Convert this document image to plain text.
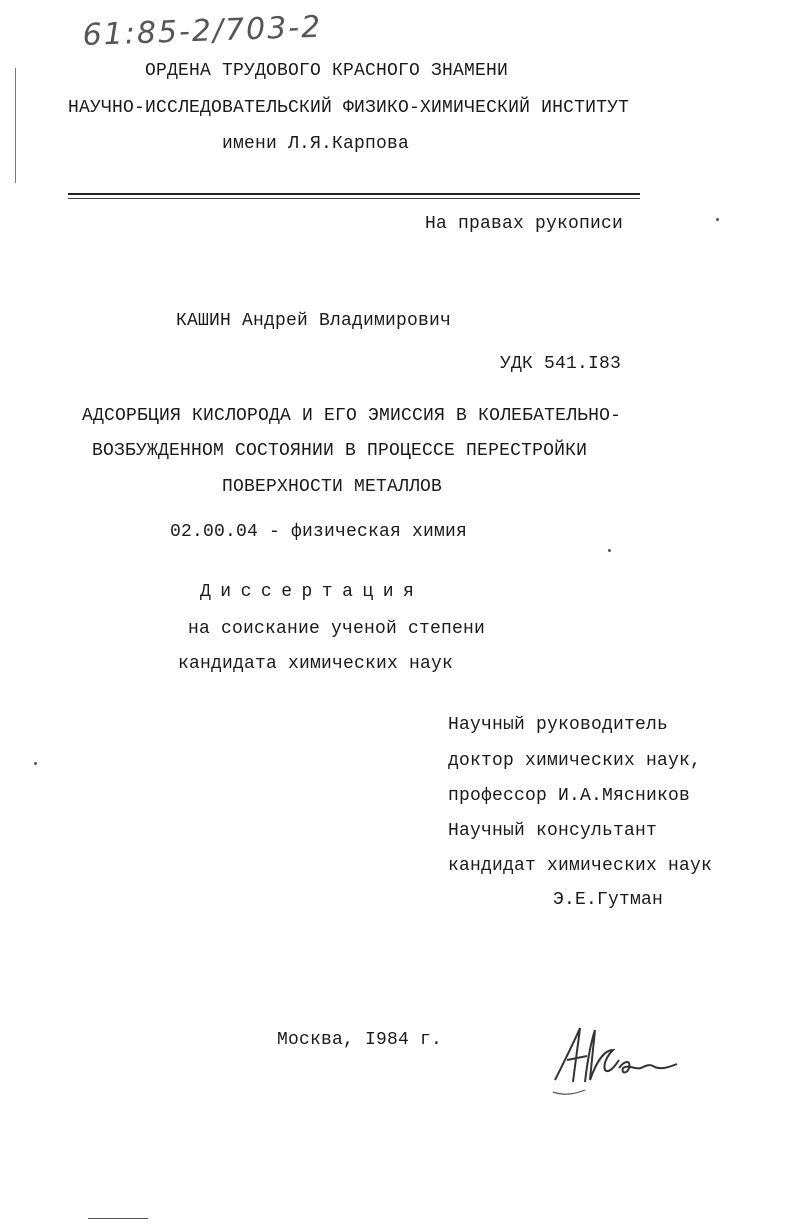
61:85-2/703-2
ОРДЕНА ТРУДОВОГО КРАСНОГО ЗНАМЕНИ
НАУЧНО-ИССЛЕДОВАТЕЛЬСКИЙ ФИЗИКО-ХИМИЧЕСКИЙ ИНСТИТУТ
имени Л.Я.Карпова
На правах рукописи
КАШИН Андрей Владимирович
УДК 541.I83
АДСОРБЦИЯ КИСЛОРОДА И ЕГО ЭМИССИЯ В КОЛЕБАТЕЛЬНО-
ВОЗБУЖДЕННОМ СОСТОЯНИИ В ПРОЦЕССЕ ПЕРЕСТРОЙКИ
ПОВЕРХНОСТИ МЕТАЛЛОВ
02.00.04 - физическая химия
Диссертация
на соискание ученой степени
кандидата химических наук
Научный руководитель
доктор химических наук,
профессор И.А.Мясников
Научный консультант
кандидат химических наук
Э.Е.Гутман
Москва, I984 г.
